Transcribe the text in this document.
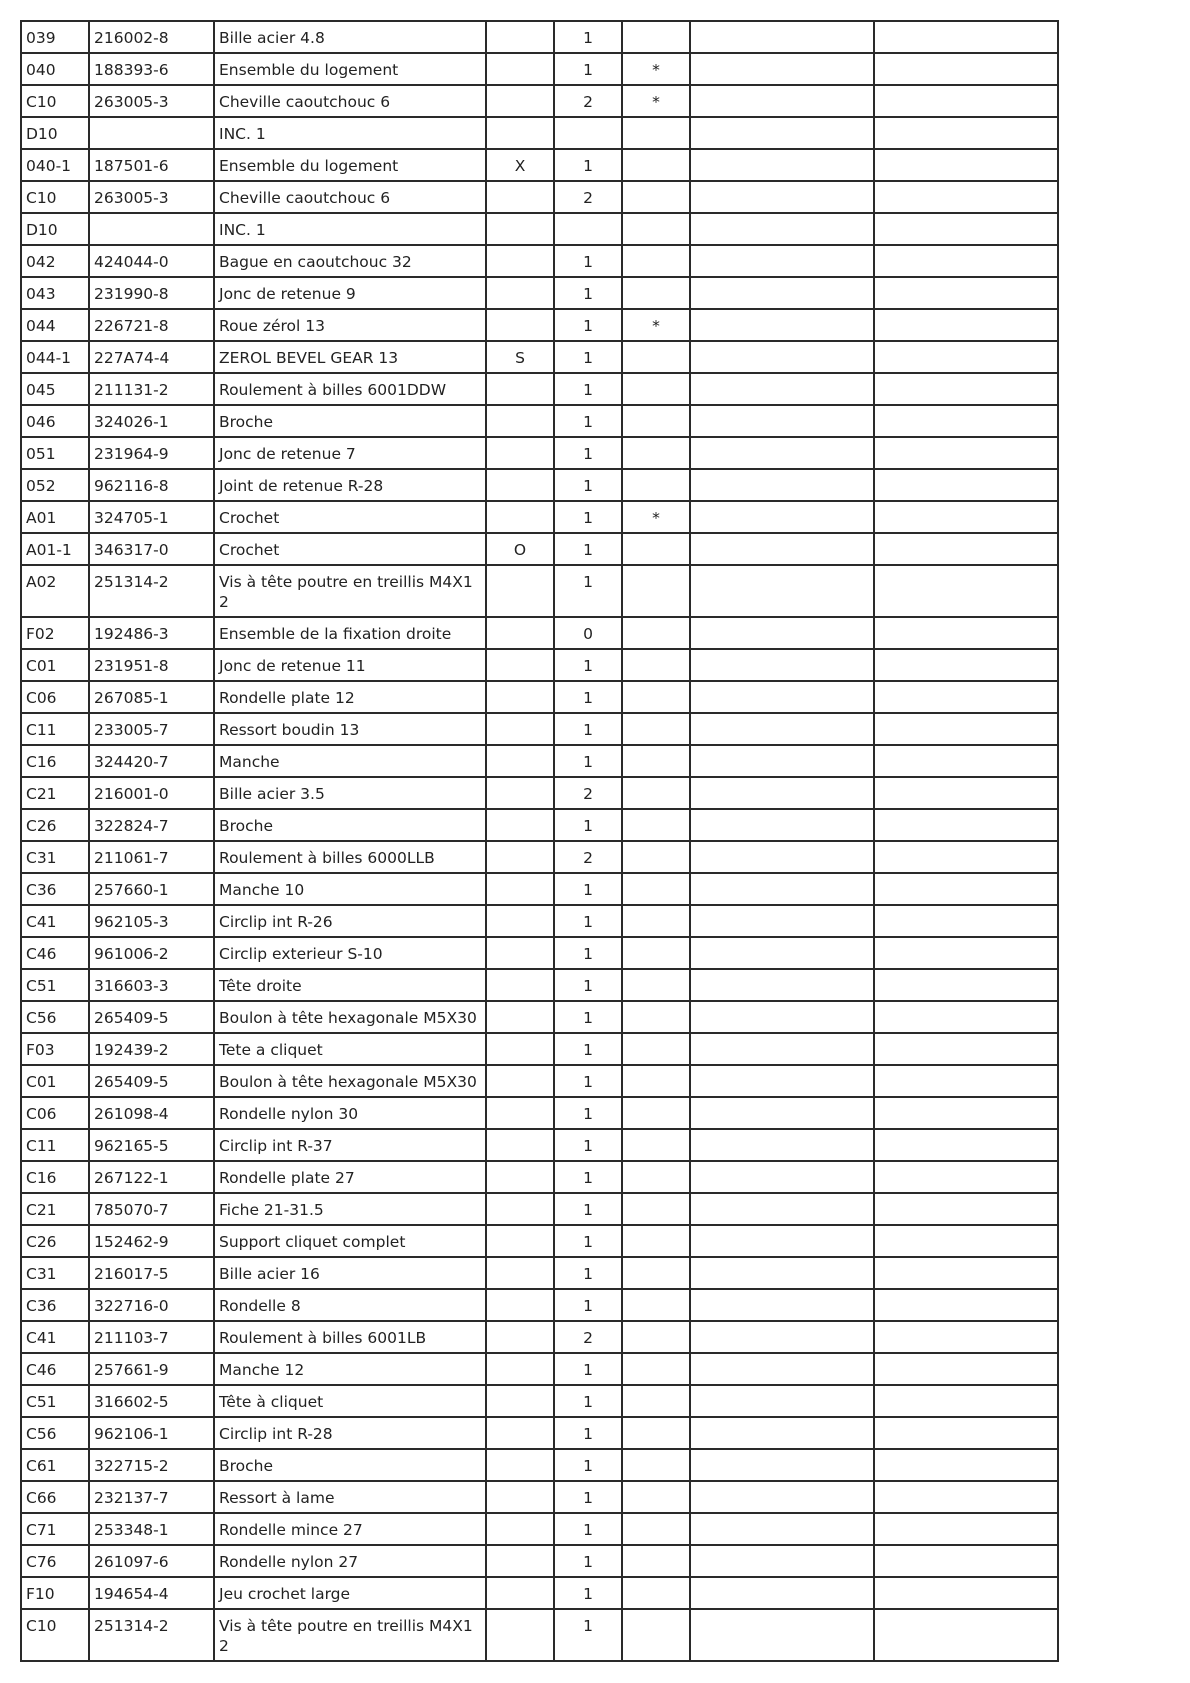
039	216002-8	Bille acier 4.8		1			

040	188393-6	Ensemble du logement		1	*		

C10	263005-3	Cheville caoutchouc 6		2	*		

D10		INC. 1					

040-1	187501-6	Ensemble du logement	X	1			

C10	263005-3	Cheville caoutchouc 6		2			

D10		INC. 1					

042	424044-0	Bague en caoutchouc 32		1			

043	231990-8	Jonc de retenue 9		1			

044	226721-8	Roue zérol 13		1	*		

044-1	227A74-4	ZEROL BEVEL GEAR 13	S	1			

045	211131-2	Roulement à billes 6001DDW		1			

046	324026-1	Broche		1			

051	231964-9	Jonc de retenue 7		1			

052	962116-8	Joint de retenue R-28		1			

A01	324705-1	Crochet		1	*		

A01-1	346317-0	Crochet	O	1			

A02	251314-2	Vis à tête poutre en treillis M4X1 2		1			

F02	192486-3	Ensemble de la fixation droite		0			

C01	231951-8	Jonc de retenue 11		1			

C06	267085-1	Rondelle plate 12		1			

C11	233005-7	Ressort boudin 13		1			

C16	324420-7	Manche		1			

C21	216001-0	Bille acier 3.5		2			

C26	322824-7	Broche		1			

C31	211061-7	Roulement à billes 6000LLB		2			

C36	257660-1	Manche 10		1			

C41	962105-3	Circlip int R-26		1			

C46	961006-2	Circlip exterieur S-10		1			

C51	316603-3	Tête droite		1			

C56	265409-5	Boulon à tête hexagonale M5X30		1			

F03	192439-2	Tete a cliquet		1			

C01	265409-5	Boulon à tête hexagonale M5X30		1			

C06	261098-4	Rondelle nylon 30		1			

C11	962165-5	Circlip int R-37		1			

C16	267122-1	Rondelle plate 27		1			

C21	785070-7	Fiche 21-31.5		1			

C26	152462-9	Support cliquet complet		1			

C31	216017-5	Bille acier 16		1			

C36	322716-0	Rondelle 8		1			

C41	211103-7	Roulement à billes 6001LB		2			

C46	257661-9	Manche 12		1			

C51	316602-5	Tête à cliquet		1			

C56	962106-1	Circlip int R-28		1			

C61	322715-2	Broche		1			

C66	232137-7	Ressort à lame		1			

C71	253348-1	Rondelle mince 27		1			

C76	261097-6	Rondelle nylon 27		1			

F10	194654-4	Jeu crochet large		1			

C10	251314-2	Vis à tête poutre en treillis M4X1 2		1			
